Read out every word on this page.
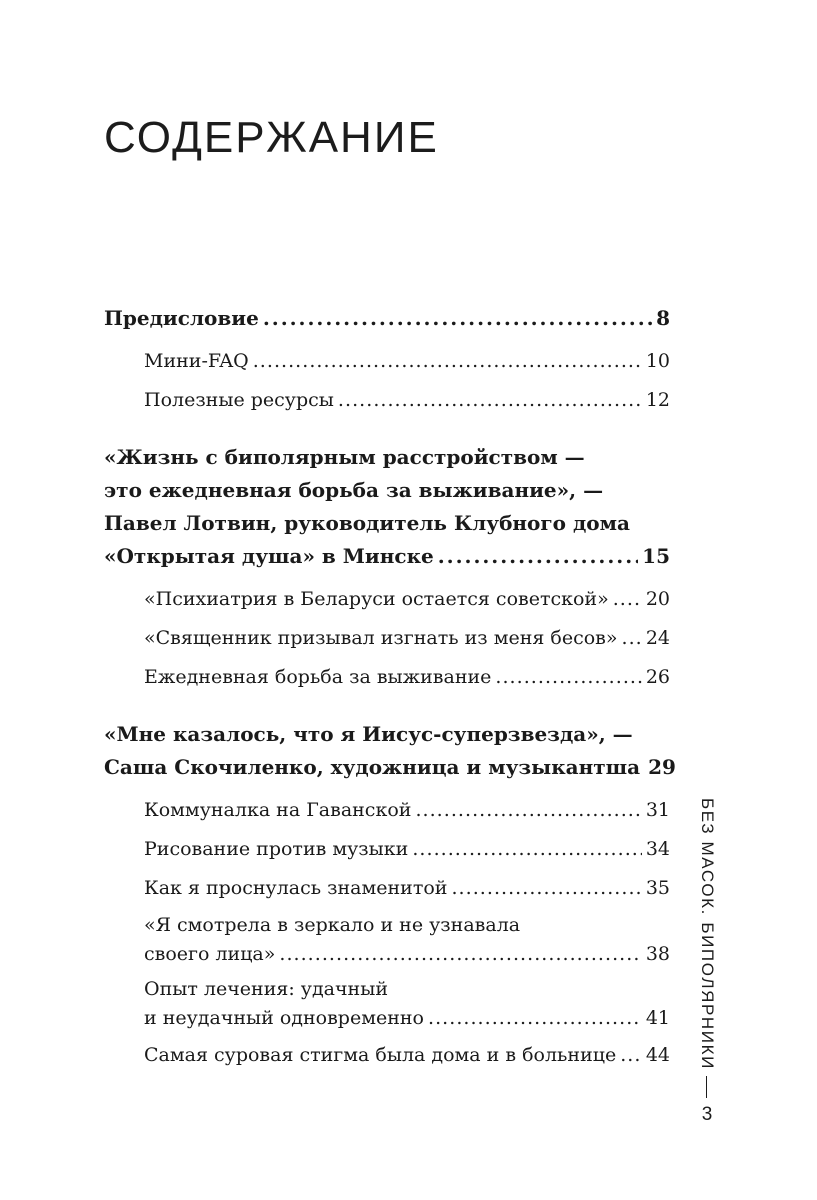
СОДЕРЖАНИЕ
Предисловие . . .	8
Мини-FAQ . . .	10
Полезные ресурсы . . .	12
«Жизнь с биполярным расстройством —
это ежедневная борьба за выживание», —
Павел Лотвин, руководитель Клубного дома
«Открытая душа» в Минске . . .	15
«Психиатрия в Беларуси остается советской» . . . 20
«Священник призывал изгнать из меня бесов» . . . 24
Ежедневная борьба за выживание . . .	26
«Мне казалось, что я Иисус-суперзвезда», —
Саша Скочиленко, художница и музыкантша 29
Коммуналка на Гаванской . . .	31
Рисование против музыки . . .	34
Как я проснулась знаменитой . . .	35
«Я смотрела в зеркало и не узнавала
своего лица» . . .	38
Опыт лечения: удачный
и неудачный одновременно . . .	41
Самая суровая стигма была дома и в больнице . . . 44	БЕЗ МАСОК. БИПОЛЯРНИКИ
3
